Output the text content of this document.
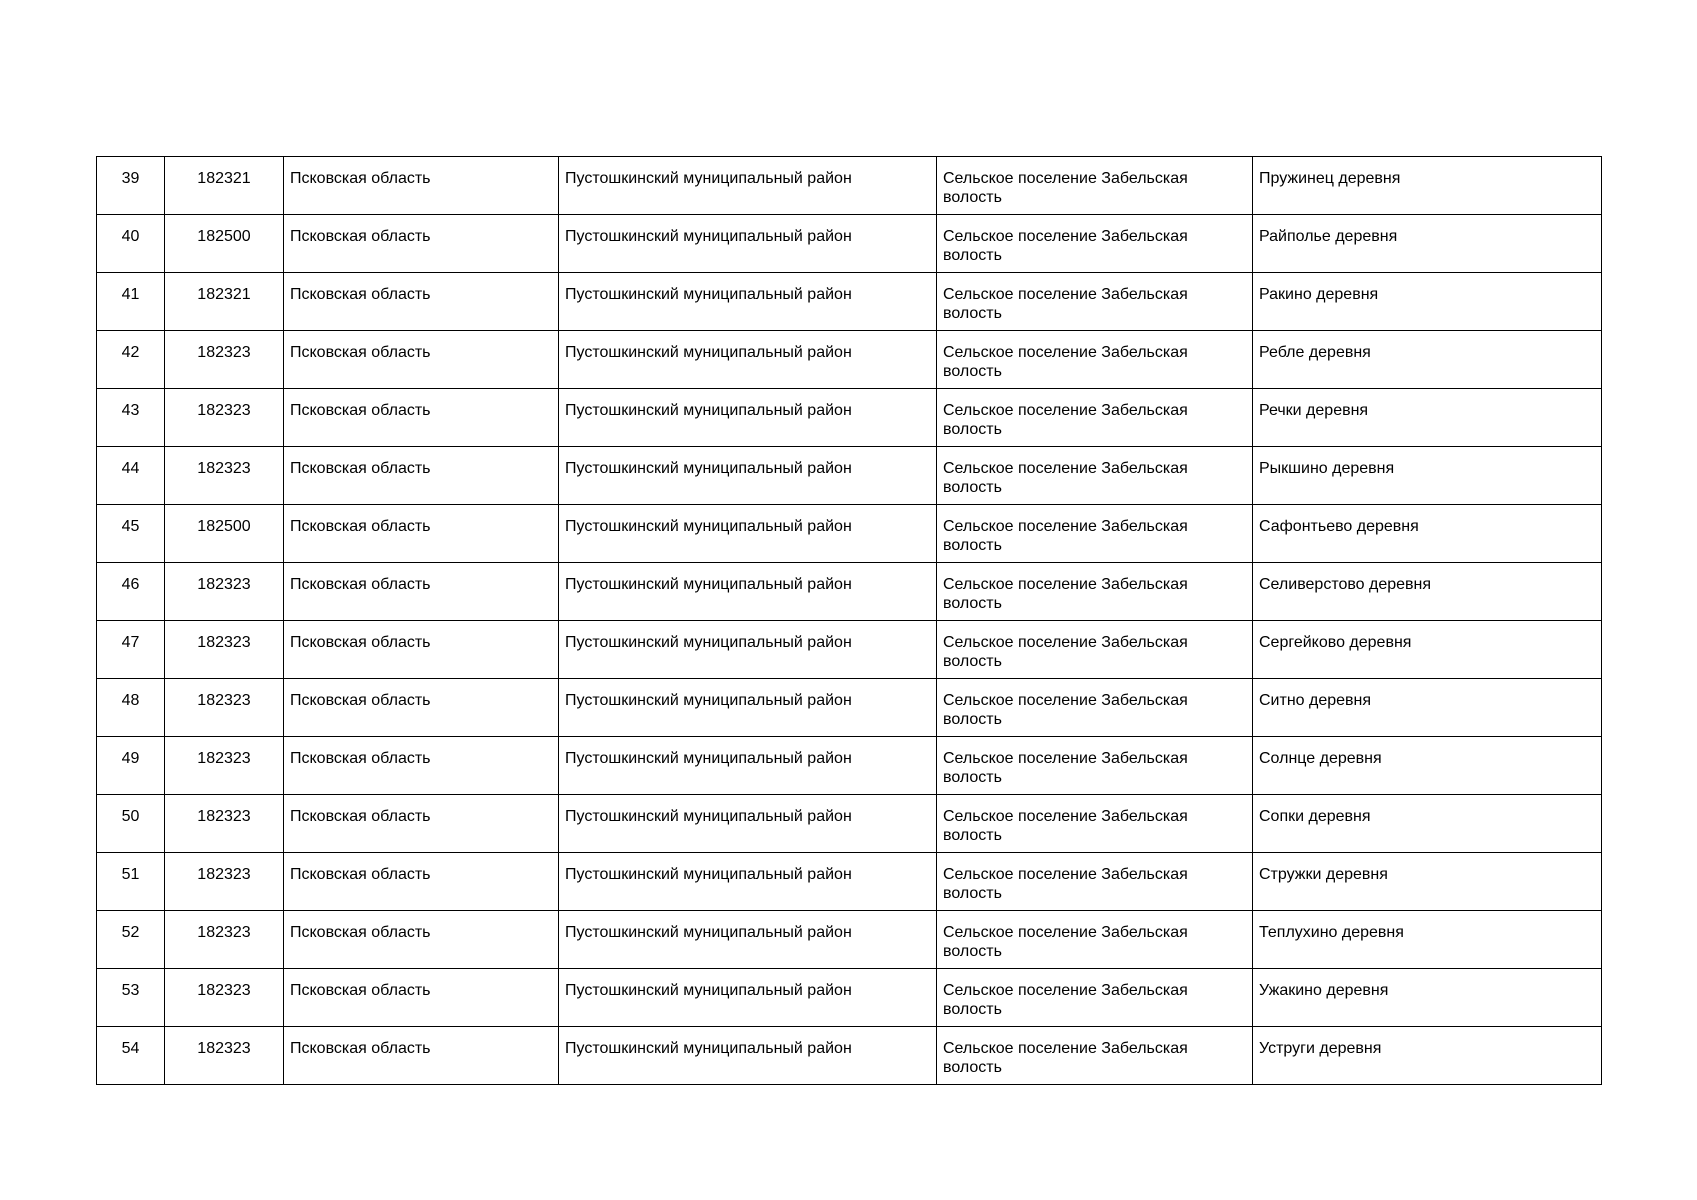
39	182321	Псковская область	Пустошкинский муниципальный район	Сельское поселение Забельская волость	Пружинец деревня
40	182500	Псковская область	Пустошкинский муниципальный район	Сельское поселение Забельская волость	Райполье деревня
41	182321	Псковская область	Пустошкинский муниципальный район	Сельское поселение Забельская волость	Ракино деревня
42	182323	Псковская область	Пустошкинский муниципальный район	Сельское поселение Забельская волость	Ребле деревня
43	182323	Псковская область	Пустошкинский муниципальный район	Сельское поселение Забельская волость	Речки деревня
44	182323	Псковская область	Пустошкинский муниципальный район	Сельское поселение Забельская волость	Рыкшино деревня
45	182500	Псковская область	Пустошкинский муниципальный район	Сельское поселение Забельская волость	Сафонтьево деревня
46	182323	Псковская область	Пустошкинский муниципальный район	Сельское поселение Забельская волость	Селиверстово деревня
47	182323	Псковская область	Пустошкинский муниципальный район	Сельское поселение Забельская волость	Сергейково деревня
48	182323	Псковская область	Пустошкинский муниципальный район	Сельское поселение Забельская волость	Ситно деревня
49	182323	Псковская область	Пустошкинский муниципальный район	Сельское поселение Забельская волость	Солнце деревня
50	182323	Псковская область	Пустошкинский муниципальный район	Сельское поселение Забельская волость	Сопки деревня
51	182323	Псковская область	Пустошкинский муниципальный район	Сельское поселение Забельская волость	Стружки деревня
52	182323	Псковская область	Пустошкинский муниципальный район	Сельское поселение Забельская волость	Теплухино деревня
53	182323	Псковская область	Пустошкинский муниципальный район	Сельское поселение Забельская волость	Ужакино деревня
54	182323	Псковская область	Пустошкинский муниципальный район	Сельское поселение Забельская волость	Уструги деревня
